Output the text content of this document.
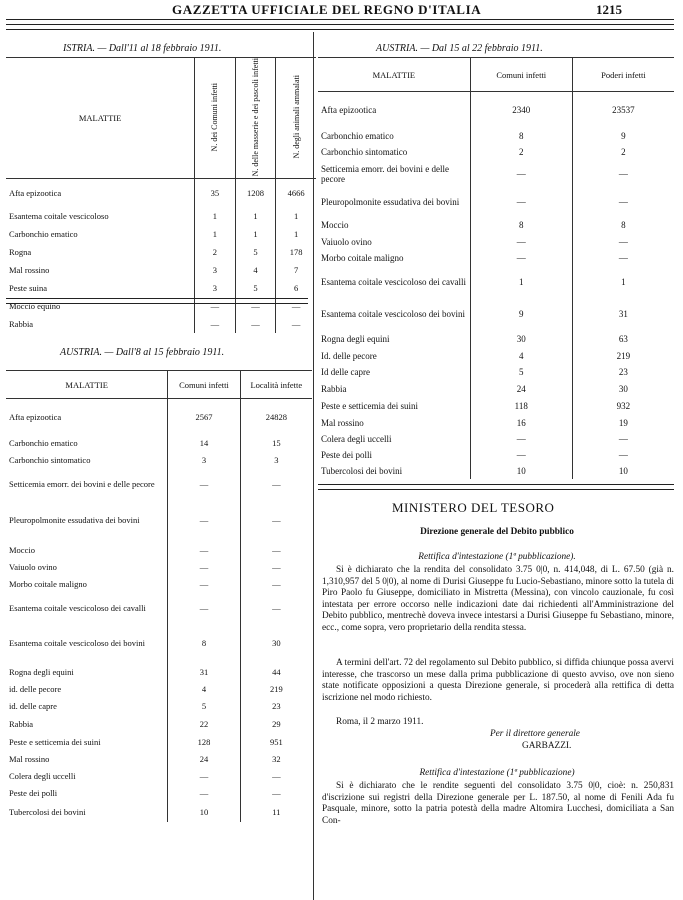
GAZZETTA UFFICIALE DEL REGNO D'ITALIA	1215
ISTRIA. — Dall'11 al 18 febbraio 1911.
MALATTIE	N. dei Comuni infetti	N. delle masserie e dei pascoli infetti	N. degli animali ammalati
Afta epizootica	35	1208	4666
Esantema coitale vescicoloso	1	1	1
Carbonchio ematico	1	1	1
Rogna	2	5	178
Mal rossino	3	4	7
Peste suina	3	5	6
Moccio equino	—	—	—
Rabbia	—	—	—
AUSTRIA. — Dall'8 al 15 febbraio 1911.
MALATTIE	Comuni infetti	Località infette
Afta epizootica	2567	24828
Carbonchio ematico	14	15
Carbonchio sintomatico	3	3
Setticemia emorr. dei bovini e delle pecore	—	—
Pleuropolmonite essudativa dei bovini	—	—
Moccio	—	—
Vaiuolo ovino	—	—
Morbo coitale maligno	—	—
Esantema coitale vescicoloso dei cavalli	—	—
Esantema coitale vescicoloso dei bovini	8	30
Rogna degli equini	31	44
id. delle pecore	4	219
id. delle capre	5	23
Rabbia	22	29
Peste e setticemia dei suini	128	951
Mal rossino	24	32
Colera degli uccelli	—	—
Peste dei polli	—	—
Tubercolosi dei bovini	10	11
AUSTRIA. — Dal 15 al 22 febbraio 1911.
MALATTIE	Comuni infetti	Poderi infetti
Afta epizootica	2340	23537
Carbonchio ematico	8	9
Carbonchio sintomatico	2	2
Setticemia emorr. dei bovini e delle pecore	—	—
Pleuropolmonite essudativa dei bovini	—	—
Moccio	8	8
Vaiuolo ovino	—	—
Morbo coitale maligno	—	—
Esantema coitale vescicoloso dei cavalli	1	1
Esantema coitale vescicoloso dei bovini	9	31
Rogna degli equini	30	63
Id. delle pecore	4	219
Id delle capre	5	23
Rabbia	24	30
Peste e setticemia dei suini	118	932
Mal rossino	16	19
Colera degli uccelli	—	—
Peste dei polli	—	—
Tubercolosi dei bovini	10	10
MINISTERO DEL TESORO
Direzione generale del Debito pubblico
Rettifica d'intestazione (1ª pubblicazione).
Si è dichiarato che la rendita del consolidato 3.75 0|0, n. 414,048, di L. 67.50 (già n. 1,310,957 del 5 0|0), al nome di Durisi Giuseppe fu Lucio-Sebastiano, minore sotto la tutela di Piro Paolo fu Giuseppe, domiciliato in Mistretta (Messina), con vincolo cauzionale, fu così intestata per errore occorso nelle indicazioni date dai richiedenti all'Amministrazione del Debito pubblico, mentrechè doveva invece intestarsi a Durisi Giuseppe fu Sebastiano, minore, ecc., come sopra, vero proprietario della rendita stessa.
A termini dell'art. 72 del regolamento sul Debito pubblico, si diffida chiunque possa avervi interesse, che trascorso un mese dalla prima pubblicazione di questo avviso, ove non sieno state notificate opposizioni a questa Direzione generale, si procederà alla rettifica di detta iscrizione nel modo richiesto.
Roma, il 2 marzo 1911.
Per il direttore generale
GARBAZZI.
Rettifica d'intestazione (1ª pubblicazione)
Si è dichiarato che le rendite seguenti del consolidato 3.75 0|0, cioè: n. 250,831 d'iscrizione sui registri della Direzione generale per L. 187.50, al nome di Fenili Ada fu Pasquale, minore, sotto la patria potestà della madre Altomira Lucchesi, domiciliata a San Con-
